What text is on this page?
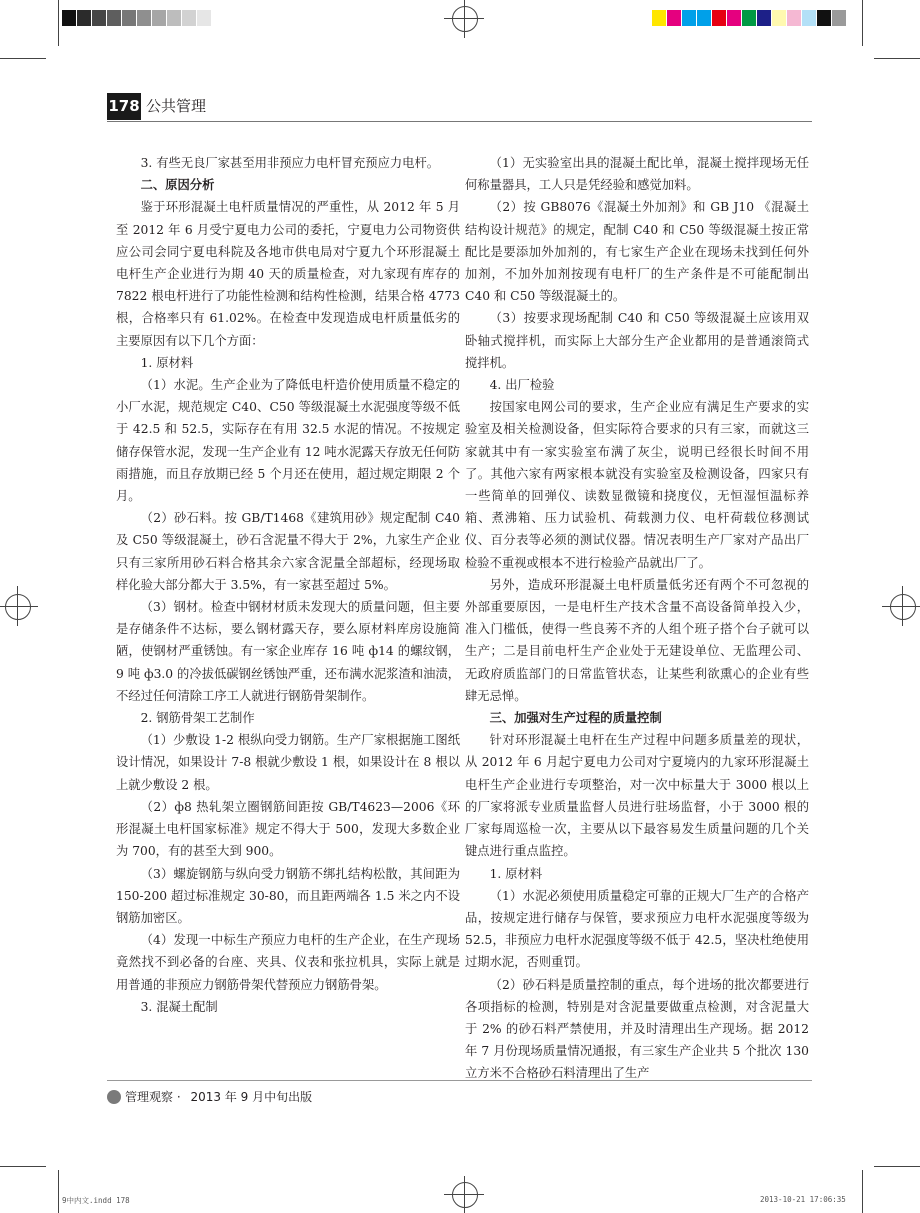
178 公共管理

3. 有些无良厂家甚至用非预应力电杆冒充预应力电杆。

二、原因分析

鉴于环形混凝土电杆质量情况的严重性，从 2012 年 5 月至 2012 年 6 月受宁夏电力公司的委托，宁夏电力公司物资供应公司会同宁夏电科院及各地市供电局对宁夏九个环形混凝土电杆生产企业进行为期 40 天的质量检查，对九家现有库存的 7822 根电杆进行了功能性检测和结构性检测，结果合格 4773 根，合格率只有 61.02%。在检查中发现造成电杆质量低劣的主要原因有以下几个方面：

1. 原材料

（1）水泥。生产企业为了降低电杆造价使用质量不稳定的小厂水泥，规范规定 C40、C50 等级混凝土水泥强度等级不低于 42.5 和 52.5，实际存在有用 32.5 水泥的情况。不按规定储存保管水泥，发现一生产企业有 12 吨水泥露天存放无任何防雨措施，而且存放期已经 5 个月还在使用，超过规定期限 2 个月。

（2）砂石料。按 GB/T1468《建筑用砂》规定配制 C40 及 C50 等级混凝土，砂石含泥量不得大于 2%，九家生产企业只有三家所用砂石料合格其余六家含泥量全部超标，经现场取样化验大部分都大于 3.5%，有一家甚至超过 5%。

（3）钢材。检查中钢材材质未发现大的质量问题，但主要是存储条件不达标，要么钢材露天存，要么原材料库房设施简陋，使钢材严重锈蚀。有一家企业库存 16 吨 ф14 的螺纹钢，9 吨 ф3.0 的冷拔低碳钢丝锈蚀严重，还布满水泥浆渣和油渍，不经过任何清除工序工人就进行钢筋骨架制作。

2. 钢筋骨架工艺制作

（1）少敷设 1-2 根纵向受力钢筋。生产厂家根据施工图纸设计情况，如果设计 7-8 根就少敷设 1 根，如果设计在 8 根以上就少敷设 2 根。

（2）ф8 热轧架立圈钢筋间距按 GB/T4623—2006《环形混凝土电杆国家标准》规定不得大于 500，发现大多数企业为 700，有的甚至大到 900。

（3）螺旋钢筋与纵向受力钢筋不绑扎结构松散，其间距为 150-200 超过标准规定 30-80，而且距两端各 1.5 米之内不设钢筋加密区。

（4）发现一中标生产预应力电杆的生产企业，在生产现场竟然找不到必备的台座、夹具、仪表和张拉机具，实际上就是用普通的非预应力钢筋骨架代替预应力钢筋骨架。

3. 混凝土配制

（1）无实验室出具的混凝土配比单，混凝土搅拌现场无任何称量器具，工人只是凭经验和感觉加料。

（2）按 GB8076《混凝土外加剂》和 GB J10 《混凝土结构设计规范》的规定，配制 C40 和 C50 等级混凝土按正常配比是要添加外加剂的，有七家生产企业在现场未找到任何外加剂，不加外加剂按现有电杆厂的生产条件是不可能配制出 C40 和 C50 等级混凝土的。

（3）按要求现场配制 C40 和 C50 等级混凝土应该用双卧轴式搅拌机，而实际上大部分生产企业都用的是普通滚筒式搅拌机。

4. 出厂检验

按国家电网公司的要求，生产企业应有满足生产要求的实验室及相关检测设备，但实际符合要求的只有三家，而就这三家就其中有一家实验室布满了灰尘，说明已经很长时间不用了。其他六家有两家根本就没有实验室及检测设备，四家只有一些简单的回弹仪、读数显微镜和挠度仪，无恒湿恒温标养箱、煮沸箱、压力试验机、荷载测力仪、电杆荷载位移测试仪、百分表等必须的测试仪器。情况表明生产厂家对产品出厂检验不重视或根本不进行检验产品就出厂了。

另外，造成环形混凝土电杆质量低劣还有两个不可忽视的外部重要原因，一是电杆生产技术含量不高设备简单投入少，准入门槛低，使得一些良莠不齐的人组个班子搭个台子就可以生产；二是目前电杆生产企业处于无建设单位、无监理公司、无政府质监部门的日常监管状态，让某些利欲熏心的企业有些肆无忌惮。

三、加强对生产过程的质量控制

针对环形混凝土电杆在生产过程中问题多质量差的现状，从 2012 年 6 月起宁夏电力公司对宁夏境内的九家环形混凝土电杆生产企业进行专项整治，对一次中标量大于 3000 根以上的厂家将派专业质量监督人员进行驻场监督，小于 3000 根的厂家每周巡检一次，主要从以下最容易发生质量问题的几个关键点进行重点监控。

1. 原材料

（1）水泥必须使用质量稳定可靠的正规大厂生产的合格产品，按规定进行储存与保管，要求预应力电杆水泥强度等级为 52.5，非预应力电杆水泥强度等级不低于 42.5，坚决杜绝使用过期水泥，否则重罚。

（2）砂石料是质量控制的重点，每个进场的批次都要进行各项指标的检测，特别是对含泥量要做重点检测，对含泥量大于 2% 的砂石料严禁使用，并及时清理出生产现场。据 2012 年 7 月份现场质量情况通报，有三家生产企业共 5 个批次 130 立方米不合格砂石料清理出了生产

管理观察 · 2013 年 9 月中旬出版
9中内文.indd 178	2013-10-21 17:06:35
